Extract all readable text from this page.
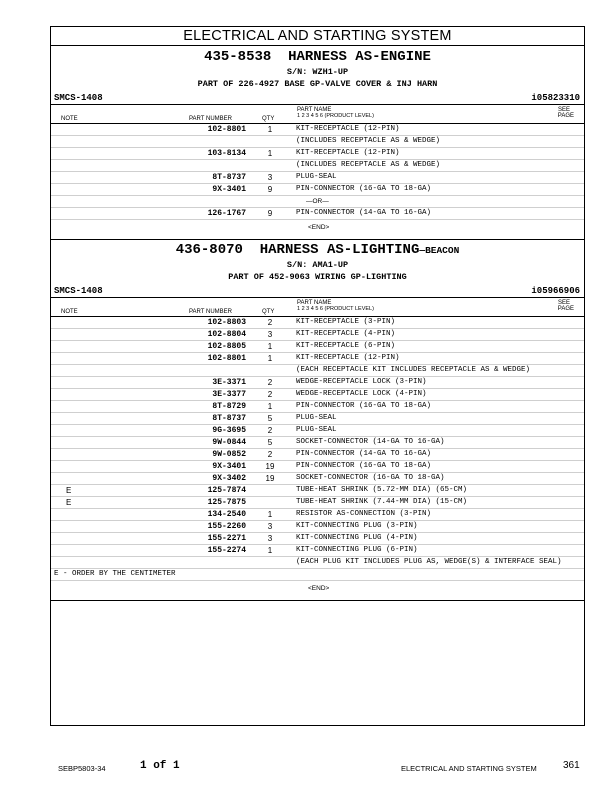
ELECTRICAL AND STARTING SYSTEM
435-8538 HARNESS AS-ENGINE
S/N: WZH1-UP
PART OF 226-4927 BASE GP-VALVE COVER & INJ HARN
SMCS-1408	i05823310
NOTE	PART NUMBER	QTY
PART NAME
1 2 3 4 5 6 (PRODUCT LEVEL)
SEE
PAGE
102-8801	1	KIT-RECEPTACLE (12-PIN)
(INCLUDES RECEPTACLE AS & WEDGE)
103-8134	1	KIT-RECEPTACLE (12-PIN)
(INCLUDES RECEPTACLE AS & WEDGE)
8T-8737	3	PLUG-SEAL
9X-3401	9	PIN-CONNECTOR (16-GA TO 18-GA)
—OR—
126-1767	9	PIN-CONNECTOR (14-GA TO 16-GA)
<END>
436-8070 HARNESS AS-LIGHTING—BEACON
S/N: AMA1-UP
PART OF 452-9063 WIRING GP-LIGHTING
SMCS-1408	i05966906
NOTE	PART NUMBER	QTY
PART NAME
1 2 3 4 5 6 (PRODUCT LEVEL)
SEE
PAGE
102-8803	2	KIT-RECEPTACLE (3-PIN)
102-8804	3	KIT-RECEPTACLE (4-PIN)
102-8805	1	KIT-RECEPTACLE (6-PIN)
102-8801	1	KIT-RECEPTACLE (12-PIN)
(EACH RECEPTACLE KIT INCLUDES RECEPTACLE AS & WEDGE)
3E-3371	2	WEDGE-RECEPTACLE LOCK (3-PIN)
3E-3377	2	WEDGE-RECEPTACLE LOCK (4-PIN)
8T-8729	1	PIN-CONNECTOR (16-GA TO 18-GA)
8T-8737	5	PLUG-SEAL
9G-3695	2	PLUG-SEAL
9W-0844	5	SOCKET-CONNECTOR (14-GA TO 16-GA)
9W-0852	2	PIN-CONNECTOR (14-GA TO 16-GA)
9X-3401	19	PIN-CONNECTOR (16-GA TO 18-GA)
9X-3402	19	SOCKET-CONNECTOR (16-GA TO 18-GA)
E	125-7874	TUBE-HEAT SHRINK (5.72-MM DIA) (65-CM)
E	125-7875	TUBE-HEAT SHRINK (7.44-MM DIA) (15-CM)
134-2540	1	RESISTOR AS-CONNECTION (3-PIN)
155-2260	3	KIT-CONNECTING PLUG (3-PIN)
155-2271	3	KIT-CONNECTING PLUG (4-PIN)
155-2274	1	KIT-CONNECTING PLUG (6-PIN)
(EACH PLUG KIT INCLUDES PLUG AS, WEDGE(S) & INTERFACE SEAL)
E - ORDER BY THE CENTIMETER
<END>
SEBP5803-34	1 of 1	ELECTRICAL AND STARTING SYSTEM	361
